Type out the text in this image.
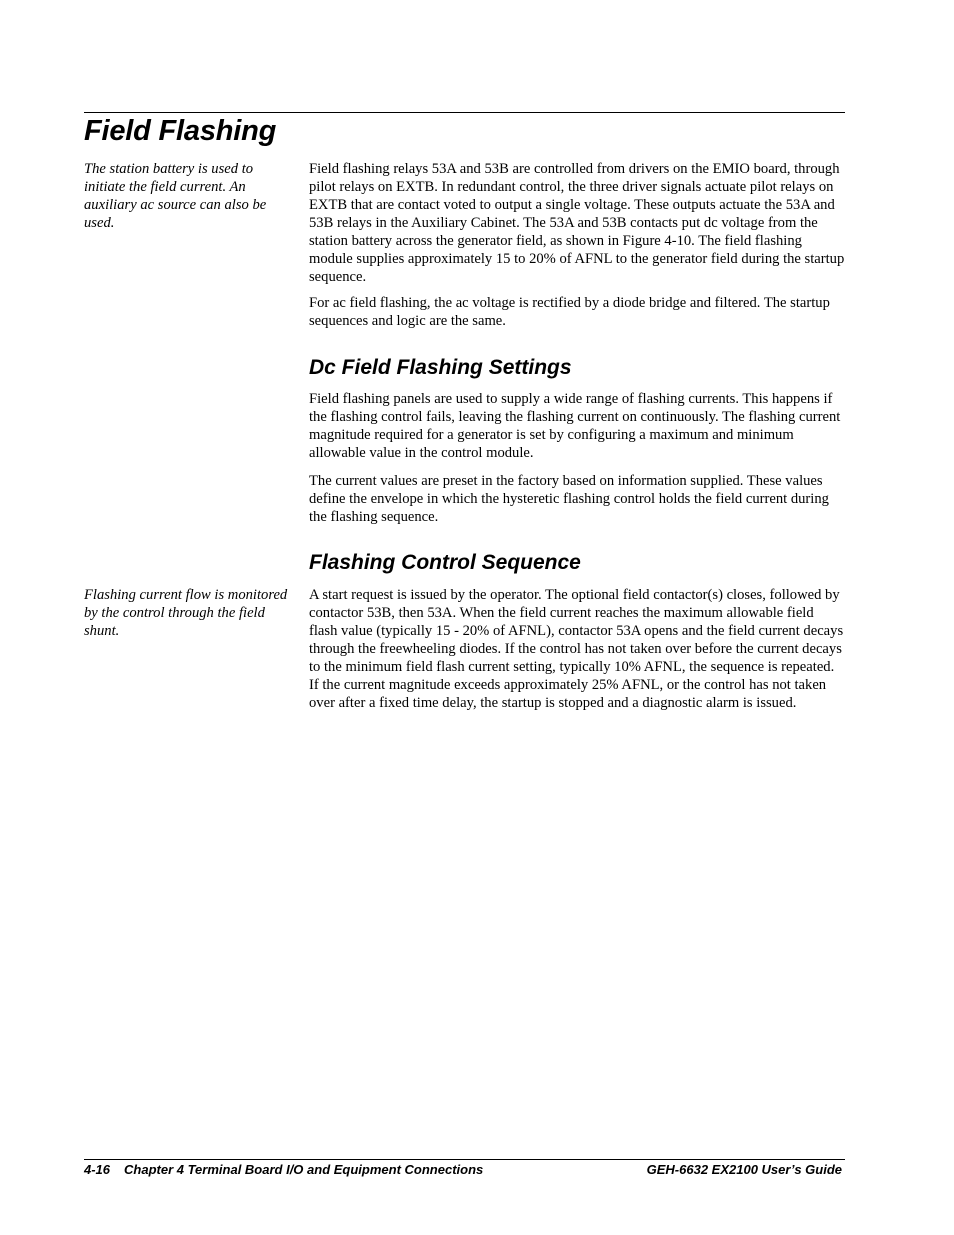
Field Flashing

The station battery is used to initiate the field current. An auxiliary ac source can also be used.

Field flashing relays 53A and 53B are controlled from drivers on the EMIO board, through pilot relays on EXTB. In redundant control, the three driver signals actuate pilot relays on EXTB that are contact voted to output a single voltage. These outputs actuate the 53A and 53B relays in the Auxiliary Cabinet. The 53A and 53B contacts put dc voltage from the station battery across the generator field, as shown in Figure 4-10. The field flashing module supplies approximately 15 to 20% of AFNL to the generator field during the startup sequence.

For ac field flashing, the ac voltage is rectified by a diode bridge and filtered. The startup sequences and logic are the same.

Dc Field Flashing Settings

Field flashing panels are used to supply a wide range of flashing currents. This happens if the flashing control fails, leaving the flashing current on continuously. The flashing current magnitude required for a generator is set by configuring a maximum and minimum allowable value in the control module.

The current values are preset in the factory based on information supplied. These values define the envelope in which the hysteretic flashing control holds the field current during the flashing sequence.

Flashing Control Sequence

Flashing current flow is monitored by the control through the field shunt.

A start request is issued by the operator. The optional field contactor(s) closes, followed by contactor 53B, then 53A. When the field current reaches the maximum allowable field flash value (typically 15 - 20% of AFNL), contactor 53A opens and the field current decays through the freewheeling diodes. If the control has not taken over before the current decays to the minimum field flash current setting, typically 10% AFNL, the sequence is repeated. If the current magnitude exceeds approximately 25% AFNL, or the control has not taken over after a fixed time delay, the startup is stopped and a diagnostic alarm is issued.

4-16 Chapter 4 Terminal Board I/O and Equipment Connections	GEH-6632 EX2100 User’s Guide
